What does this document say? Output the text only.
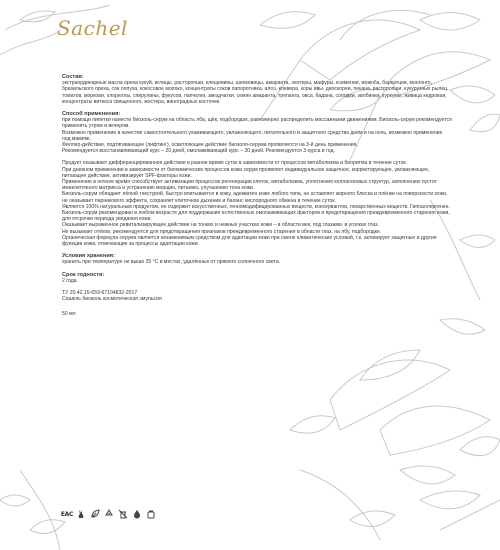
Sachel

Состав:

экстраординарные масла ореха кукуй, иглицы, расторопши, клещевины, шелковицы, амаранта, энотеры, мафуры, ксимении, жожоба, бархатцев, монгонго, бразильского ореха, сок лопуха, кокосовое молоко, концентраты соков папоротника, алоэ, клевера, коры ивы, диоскореи, пекана, расторопши, кукурузных рылец, томатов, моркови, хлореллы, спирулины, фукусов, лапчатки, звездчатки, семян амаранта, трепанга, овса, бадана, солодки, эвлбинки, куркумы, живица кедровая, концентраты витекса священного, жостера, виноградных косточек.

Способ применения:

при помощи пипетки нанести биозоль-серум на область лба, щёк, подбородок, равномерно распределить массажными движениями. Биозоль-серум рекомендуется применять утром и вечером.

Возможно применение в качестве самостоятельного ухаживающего, увлажняющего, питательного и защитного средства днём и на ночь, возможно применение под макияж.

Филлер-действие, подтягивающее (лифтинг), осветляющее действие биозоля-серума проявляется на 3-й день применения.

Рекомендуется восстанавливающий курс – 20 дней, омолаживающий курс – 30 дней. Рекомендуется 3 курса в год.

Продукт оказывает дифференцированное действие в разное время суток в зависимости от процессов метаболизма и биоритма в течение суток.

При дневном применении в зависимости от биохимических процессов кожи серум проявляет индивидуальное защитное, корректирующее, увлажняющее, питающее действие, активизирует SPF-факторы кожи.

Применение в ночное время способствует активизации процессов регенерации клеток, метаболизма, уплотнения коллагеновых структур, заполнению пустот межклеточного матрикса и устранению морщин, питанию, улучшению тона кожи.

Биозоль-серум обладает лёгкой текстурой, быстро впитывается в кожу, адекватен коже любого типа, не оставляет жирного блеска и плёнки на поверхности кожи, не оказывает парникового эффекта, сохраняет клеточное дыхание и баланс кислородного обмена в течение суток.

Является 100% натуральным продуктом, не содержит искусственных, генномодифицированных веществ, консервантов, лекарственных веществ. Гипоаллергенен.

Биозоль-серум рекомендован в любом возрасте для поддержания естественных омолаживающих факторов и предотвращения преждевременного старения кожи, для отсрочки периода увядания кожи.

Оказывает выраженное ревитализирующее действие на тонких и нежных участках кожи – в области век, под глазами, в уголках глаз.

Не вызывает отёков, рекомендуется для предотвращения признаков преждевременного старения в области глаз, на лбу, подбородке.

Органическая формула серума является незаменимым средством для адаптации кожи при смене климатических условий, т.к. активирует защитные и другие функции кожи, отвечающие за процессы адаптации кожи.

Условия хранения:

хранить при температуре не выше 25 °C в местах, удалённых от прямого солнечного света.

Срок годности:

2 года.

ТУ 20.42.15-659-67104832-2017

Сашель биозоль косметическая эмульсия

50 мл

EAC
